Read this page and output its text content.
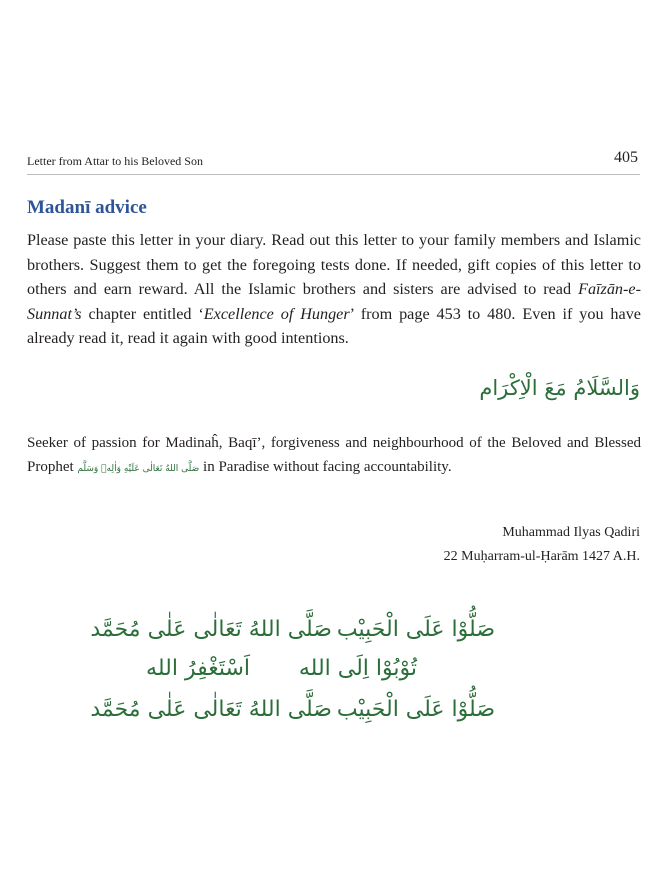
Letter from Attar to his Beloved Son	405
Madanī advice

Please paste this letter in your diary. Read out this letter to your family members and Islamic brothers. Suggest them to get the foregoing tests done. If needed, gift copies of this letter to others and earn reward. All the Islamic brothers and sisters are advised to read Faīzān-e-Sunnat’s chapter entitled ‘Excellence of Hunger’ from page 453 to 480. Even if you have already read it, read it again with good intentions.

وَالسَّلَامُ مَعَ الْاِکْرَام

Seeker of passion for Madinaĥ, Baqī’, forgiveness and neighbourhood of the Beloved and Blessed Prophet صَلَّى اللهُ تَعَالٰی عَلَيْهِ وَاٰلِهٖ وَسَلَّم in Paradise without facing accountability.

Muhammad Ilyas Qadiri
22 Muḥarram-ul-Ḥarām 1427 A.H.
صَلُّوْا عَلَى الْحَبِيْب
صَلَّى اللهُ تَعَالٰی عَلٰی مُحَمَّد
تُوْبُوْا اِلَى الله
اَسْتَغْفِرُ الله
صَلُّوْا عَلَى الْحَبِيْب
صَلَّى اللهُ تَعَالٰی عَلٰی مُحَمَّد
